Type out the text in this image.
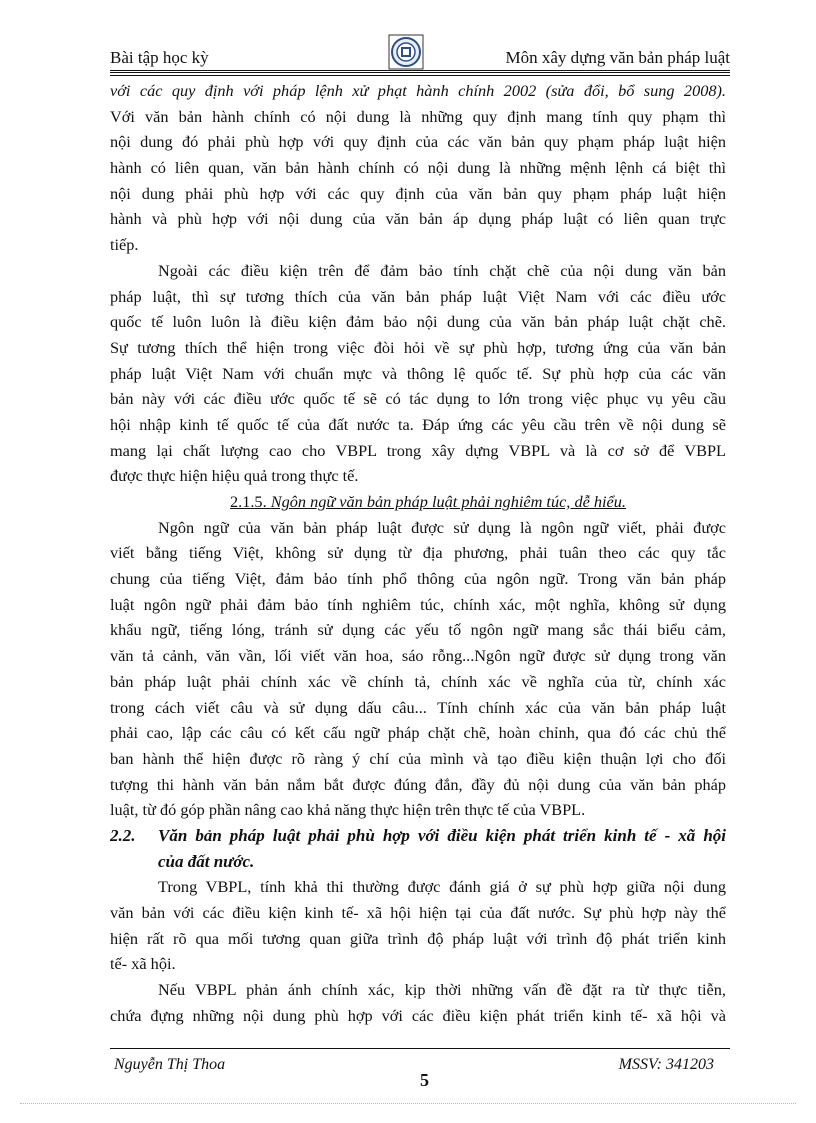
Bài tập học kỳ	Môn xây dựng văn bản pháp luật
với các quy định với pháp lệnh xử phạt hành chính 2002 (sửa đổi, bổ sung 2008).
Với văn bản hành chính có nội dung là những quy định mang tính quy phạm thì
nội dung đó phải phù hợp với quy định của các văn bản quy phạm pháp luật hiện
hành có liên quan, văn bản hành chính có nội dung là những mệnh lệnh cá biệt thì
nội dung phải phù hợp với các quy định của văn bản quy phạm pháp luật hiện
hành và phù hợp với nội dung của văn bản áp dụng pháp luật có liên quan trực
tiếp.
Ngoài các điều kiện trên để đảm bảo tính chặt chẽ của nội dung văn bản
pháp luật, thì sự tương thích của văn bản pháp luật Việt Nam với các điều ước
quốc tế luôn luôn là điều kiện đảm bảo nội dung của văn bản pháp luật chặt chẽ.
Sự tương thích thể hiện trong việc đòi hỏi về sự phù hợp, tương ứng của văn bản
pháp luật Việt Nam với chuẩn mực và thông lệ quốc tế. Sự phù hợp của các văn
bản này với các điều ước quốc tế sẽ có tác dụng to lớn trong việc phục vụ yêu cầu
hội nhập kinh tế quốc tế của đất nước ta. Đáp ứng các yêu cầu trên về nội dung sẽ
mang lại chất lượng cao cho VBPL trong xây dựng VBPL và là cơ sở để VBPL
được thực hiện hiệu quả trong thực tế.
2.1.5. Ngôn ngữ văn bản pháp luật phải nghiêm túc, dễ hiểu.
Ngôn ngữ của văn bản pháp luật được sử dụng là ngôn ngữ viết, phải được
viết bằng tiếng Việt, không sử dụng từ địa phương, phải tuân theo các quy tắc
chung của tiếng Việt, đảm bảo tính phổ thông của ngôn ngữ. Trong văn bản pháp
luật ngôn ngữ phải đảm bảo tính nghiêm túc, chính xác, một nghĩa, không sử dụng
khẩu ngữ, tiếng lóng, tránh sử dụng các yếu tố ngôn ngữ mang sắc thái biểu cảm,
văn tả cảnh, văn vần, lối viết văn hoa, sáo rỗng...Ngôn ngữ được sử dụng trong văn
bản pháp luật phải chính xác về chính tả, chính xác về nghĩa của từ, chính xác
trong cách viết câu và sử dụng dấu câu... Tính chính xác của văn bản pháp luật
phải cao, lập các câu có kết cấu ngữ pháp chặt chẽ, hoàn chỉnh, qua đó các chủ thể
ban hành thể hiện được rõ ràng ý chí của mình và tạo điều kiện thuận lợi cho đối
tượng thi hành văn bản nắm bắt được đúng đắn, đầy đủ nội dung của văn bản pháp
luật, từ đó góp phần nâng cao khả năng thực hiện trên thực tế của VBPL.
2.2. Văn bản pháp luật phải phù hợp với điều kiện phát triển kinh tế - xã hội
của đất nước.
Trong VBPL, tính khả thi thường được đánh giá ở sự phù hợp giữa nội dung
văn bản với các điều kiện kinh tế- xã hội hiện tại của đất nước. Sự phù hợp này thể
hiện rất rõ qua mối tương quan giữa trình độ pháp luật với trình độ phát triển kinh
tế- xã hội.
Nếu VBPL phản ánh chính xác, kịp thời những vấn đề đặt ra từ thực tiễn,
chứa đựng những nội dung phù hợp với các điều kiện phát triển kinh tế- xã hội và
Nguyễn Thị Thoa	MSSV: 341203
5
